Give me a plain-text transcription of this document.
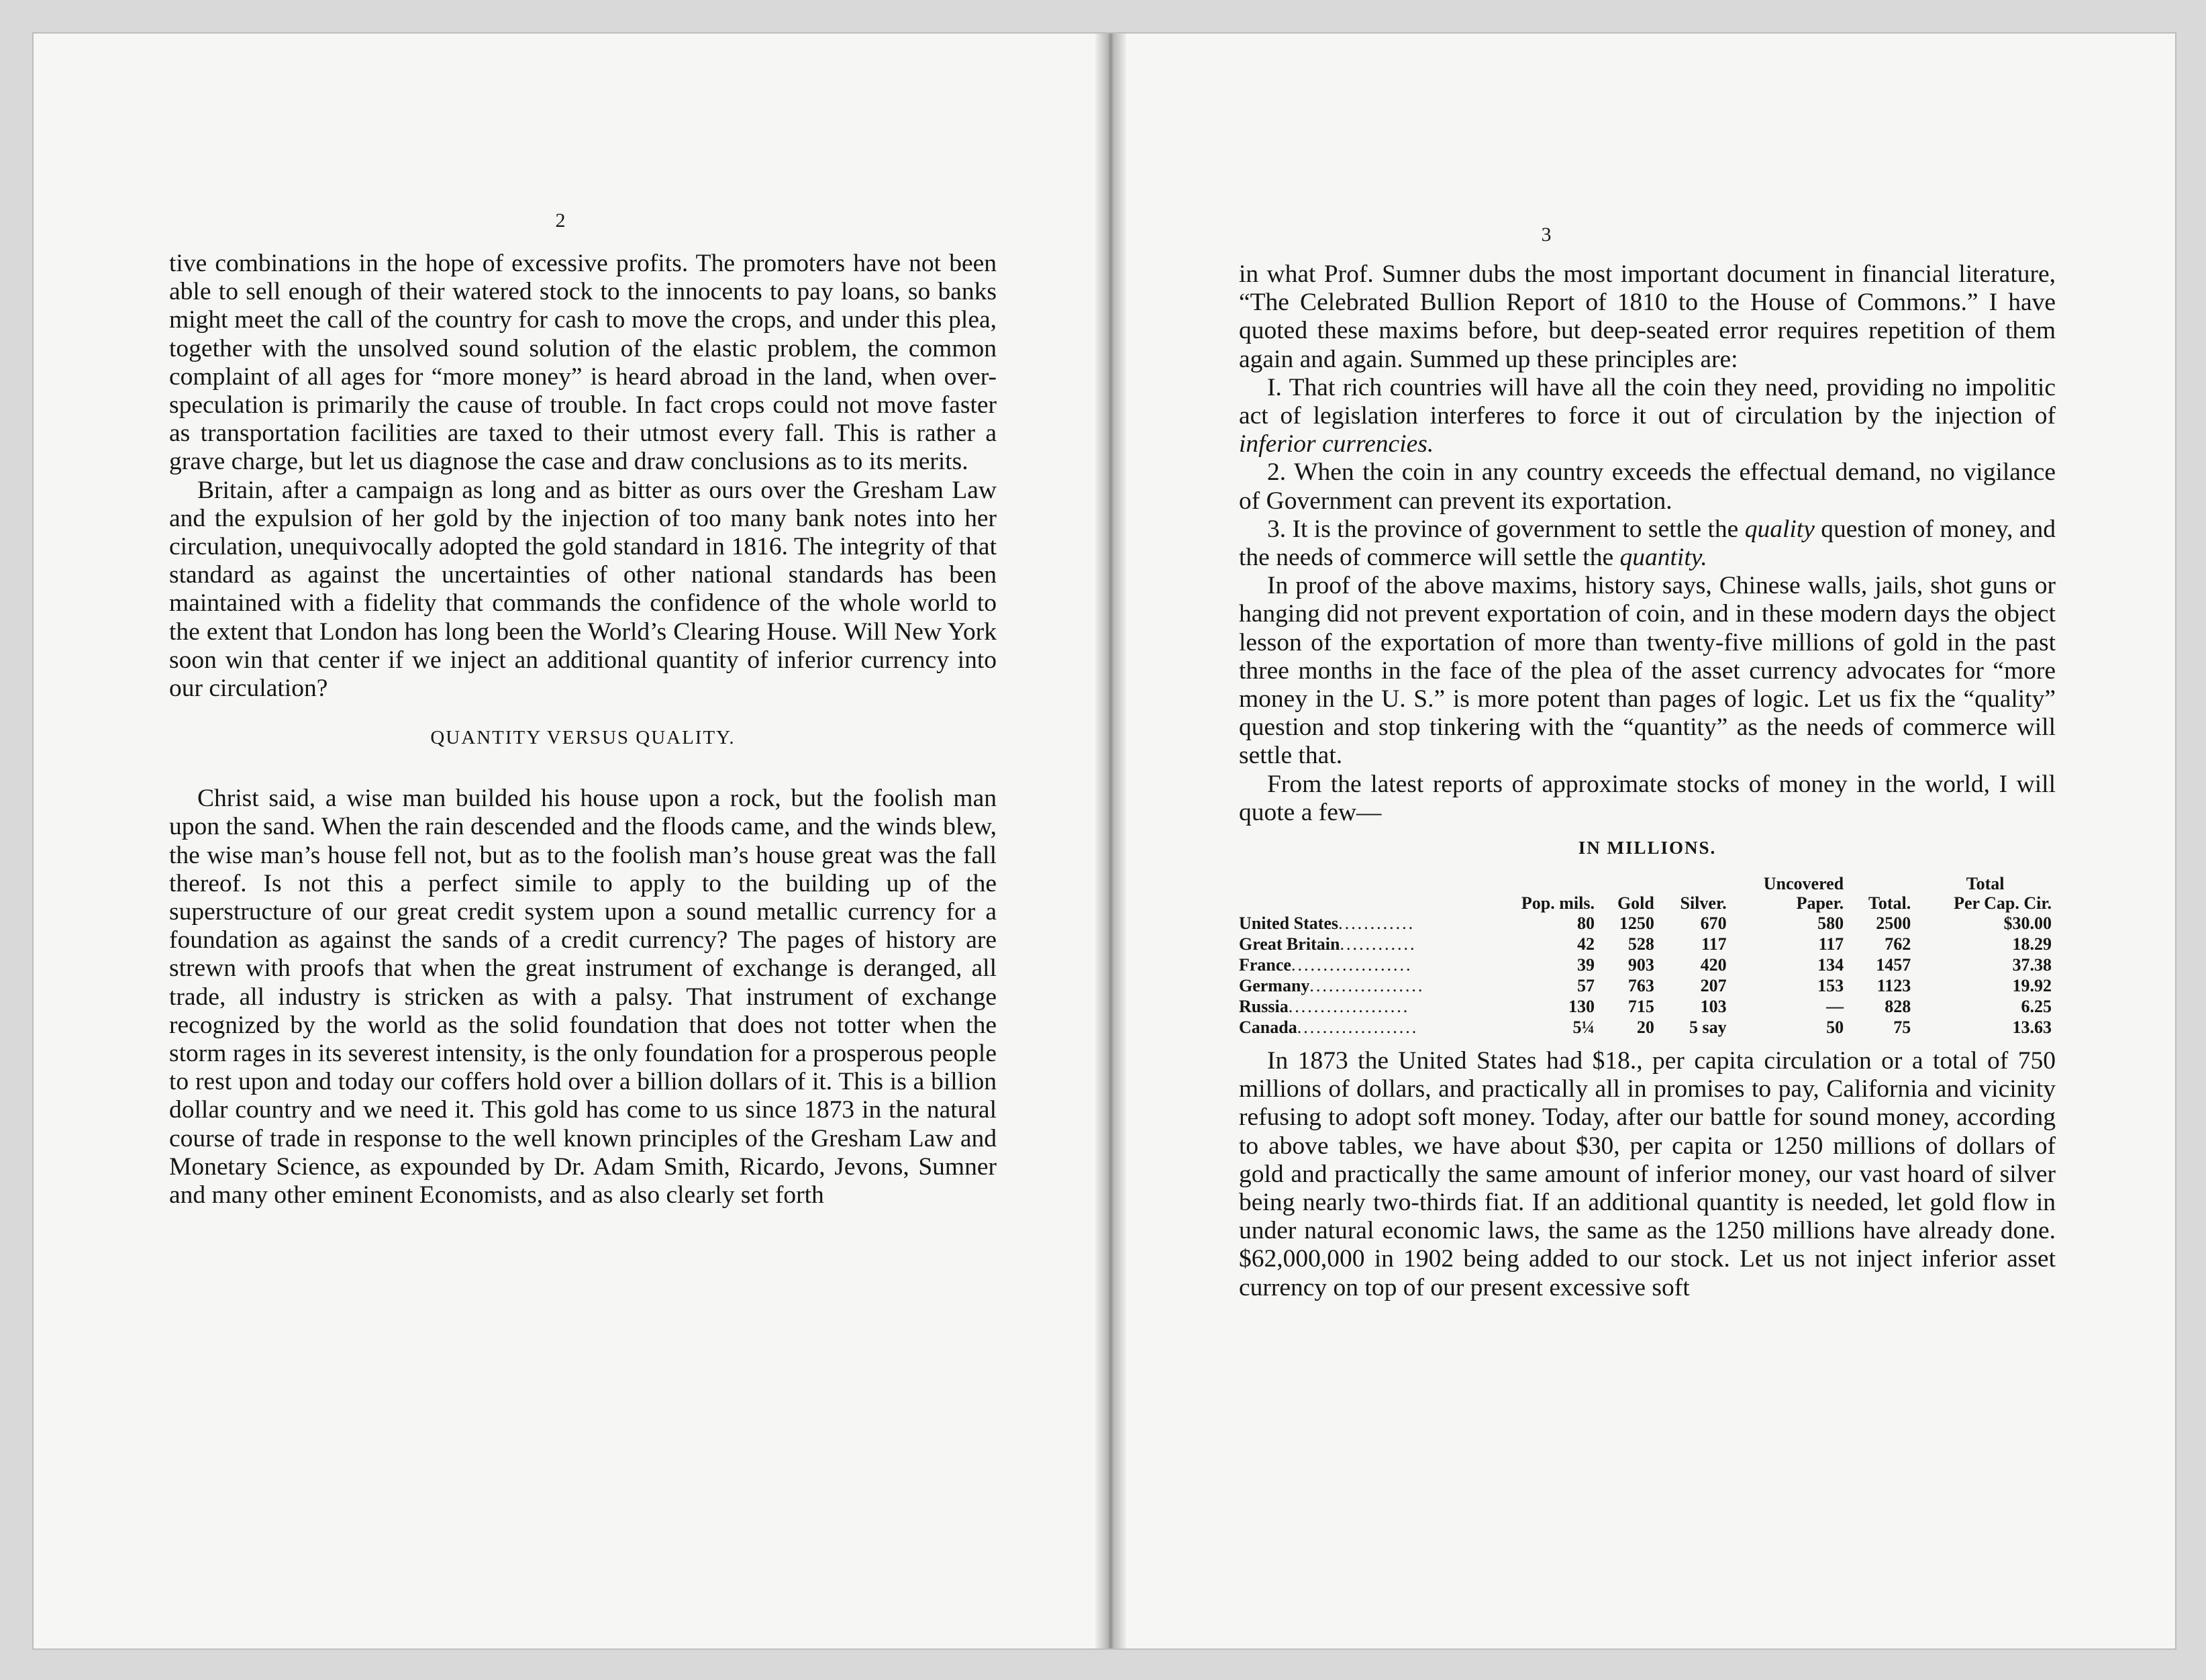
2

tive combinations in the hope of excessive profits. The promoters have not been able to sell enough of their watered stock to the innocents to pay loans, so banks might meet the call of the country for cash to move the crops, and under this plea, together with the unsolved sound solution of the elastic problem, the common complaint of all ages for “more money” is heard abroad in the land, when over-speculation is primarily the cause of trouble. In fact crops could not move faster as transportation facilities are taxed to their utmost every fall. This is rather a grave charge, but let us diagnose the case and draw conclusions as to its merits.

Britain, after a campaign as long and as bitter as ours over the Gresham Law and the expulsion of her gold by the injection of too many bank notes into her circulation, unequivocally adopted the gold standard in 1816. The integrity of that standard as against the uncertainties of other national standards has been maintained with a fidelity that commands the confidence of the whole world to the extent that London has long been the World’s Clearing House. Will New York soon win that center if we inject an additional quantity of inferior currency into our circulation?

QUANTITY VERSUS QUALITY.

Christ said, a wise man builded his house upon a rock, but the foolish man upon the sand. When the rain descended and the floods came, and the winds blew, the wise man’s house fell not, but as to the foolish man’s house great was the fall thereof. Is not this a perfect simile to apply to the building up of the superstructure of our great credit system upon a sound metallic currency for a foundation as against the sands of a credit currency? The pages of history are strewn with proofs that when the great instrument of exchange is deranged, all trade, all industry is stricken as with a palsy. That instrument of exchange recognized by the world as the solid foundation that does not totter when the storm rages in its severest intensity, is the only foundation for a prosperous people to rest upon and today our coffers hold over a billion dollars of it. This is a billion dollar country and we need it. This gold has come to us since 1873 in the natural course of trade in response to the well known principles of the Gresham Law and Monetary Science, as expounded by Dr. Adam Smith, Ricardo, Jevons, Sumner and many other eminent Economists, and as also clearly set forth

3

in what Prof. Sumner dubs the most important document in financial literature, “The Celebrated Bullion Report of 1810 to the House of Commons.” I have quoted these maxims before, but deep-seated error requires repetition of them again and again. Summed up these principles are:

I. That rich countries will have all the coin they need, providing no impolitic act of legislation interferes to force it out of circulation by the injection of inferior currencies.

2. When the coin in any country exceeds the effectual demand, no vigilance of Government can prevent its exportation.

3. It is the province of government to settle the quality question of money, and the needs of commerce will settle the quantity.

In proof of the above maxims, history says, Chinese walls, jails, shot guns or hanging did not prevent exportation of coin, and in these modern days the object lesson of the exportation of more than twenty-five millions of gold in the past three months in the face of the plea of the asset currency advocates for “more money in the U. S.” is more potent than pages of logic. Let us fix the “quality” question and stop tinkering with the “quantity” as the needs of commerce will settle that.

From the latest reports of approximate stocks of money in the world, I will quote a few—

IN MILLIONS.
				Uncovered		Total
	Pop. mils.	Gold	Silver.	Paper.	Total.	Per Cap. Cir.
United States............	80	1250	670	580	2500	$30.00
Great Britain............	42	528	117	117	762	18.29
France...................	39	903	420	134	1457	37.38
Germany..................	57	763	207	153	1123	19.92
Russia...................	130	715	103	—	828	6.25
Canada...................	5¼	20	5 say	50	75	13.63

In 1873 the United States had $18., per capita circulation or a total of 750 millions of dollars, and practically all in promises to pay, California and vicinity refusing to adopt soft money. Today, after our battle for sound money, according to above tables, we have about $30, per capita or 1250 millions of dollars of gold and practically the same amount of inferior money, our vast hoard of silver being nearly two-thirds fiat. If an additional quantity is needed, let gold flow in under natural economic laws, the same as the 1250 millions have already done. $62,000,000 in 1902 being added to our stock. Let us not inject inferior asset currency on top of our present excessive soft
